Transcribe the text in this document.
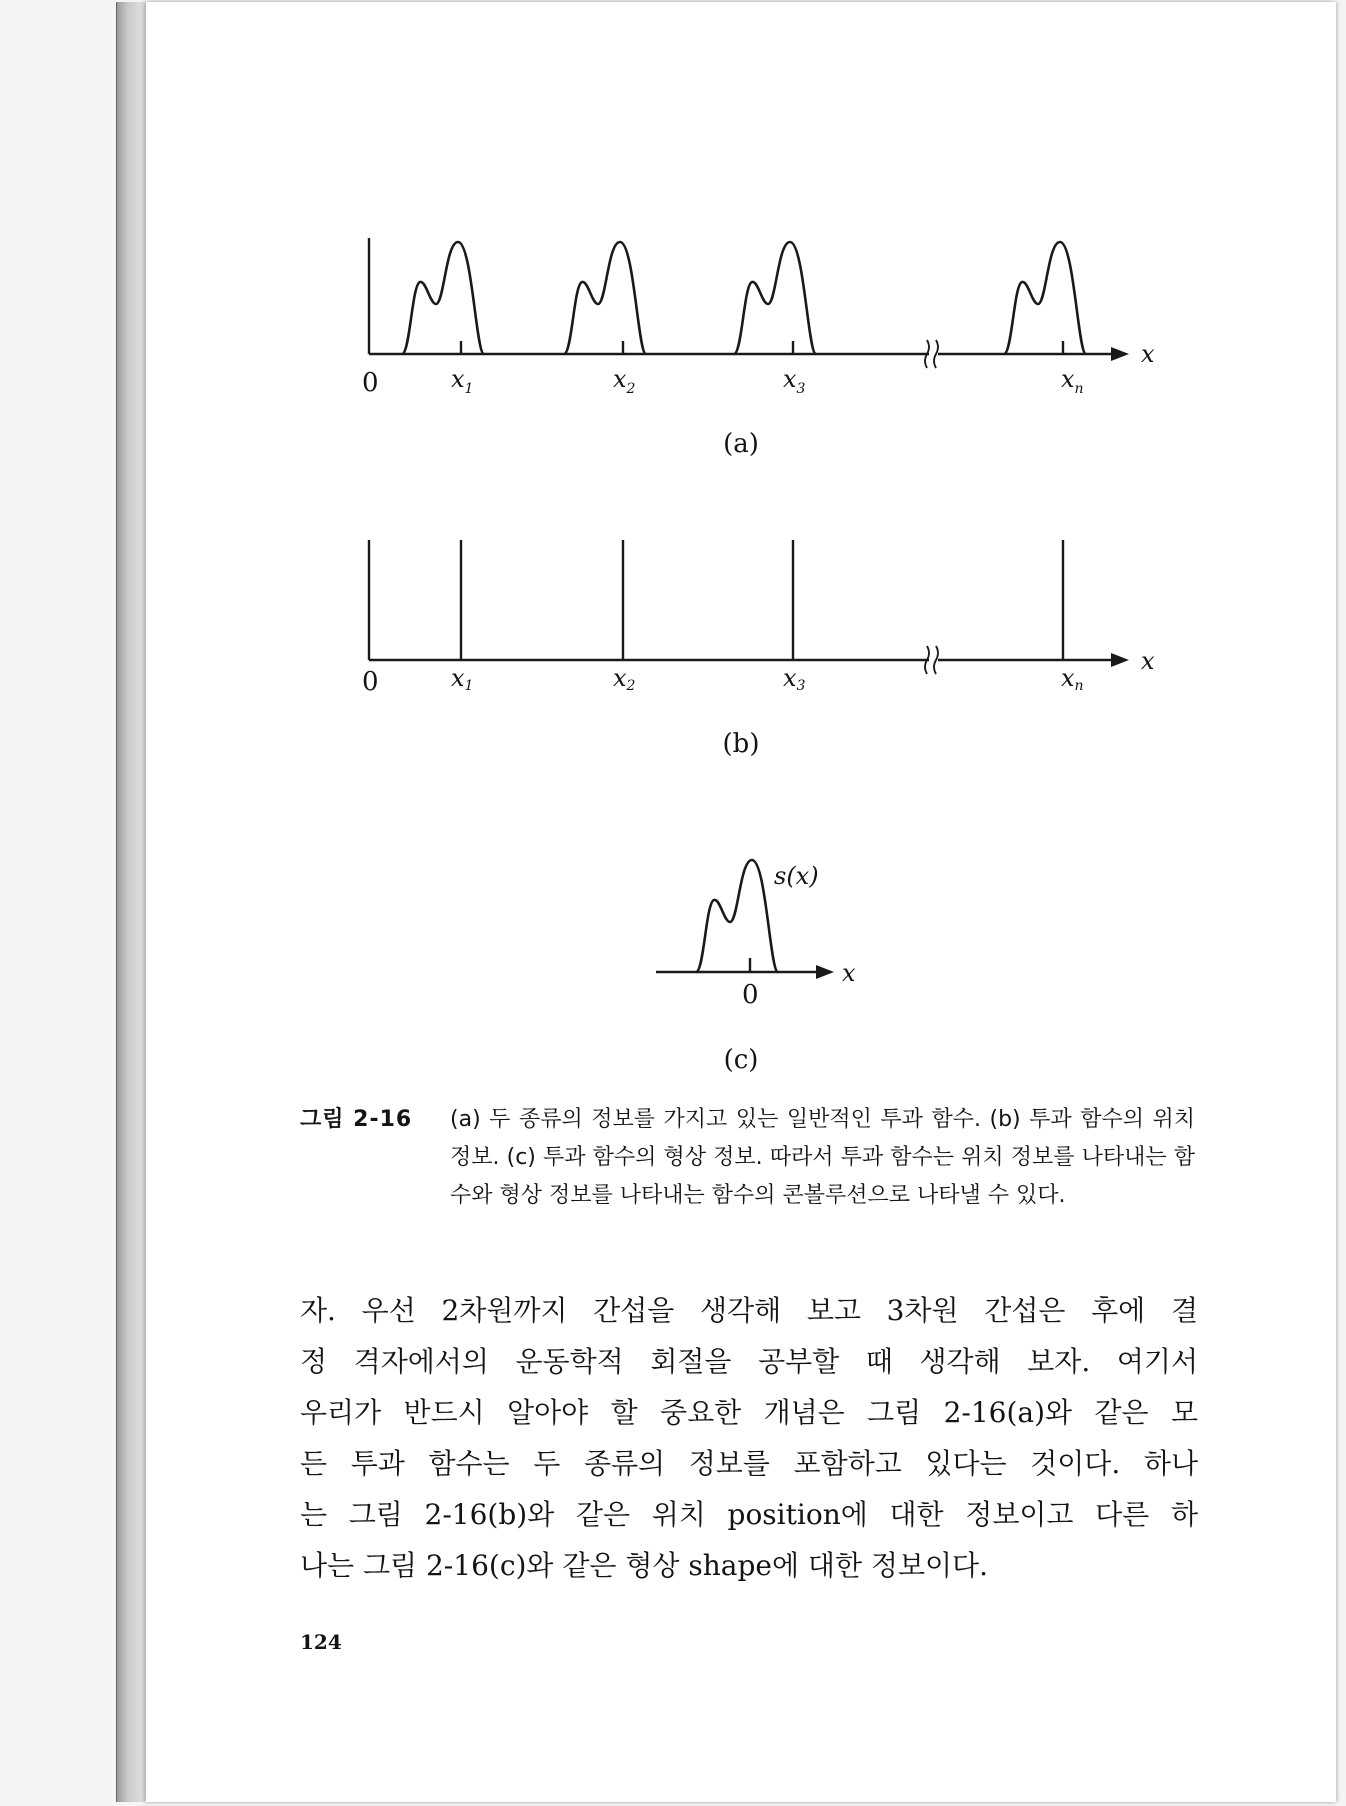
0
x
$x_1$	$x_2$	$x_3$	$x_n$
(a)
0
x
x1	x2	x3	xn
(b)
s(x)
0
x
(c)
그림 2-16 (a) 두 종류의 정보를 가지고 있는 일반적인 투과 함수. (b) 투과 함수의 위치 정보. (c) 투과 함수의 형상 정보. 따라서 투과 함수는 위치 정보를 나타내는 함수와 형상 정보를 나타내는 함수의 콘볼루션으로 나타낼 수 있다.
자. 우선 2차원까지 간섭을 생각해 보고 3차원 간섭은 후에 결
정 격자에서의 운동학적 회절을 공부할 때 생각해 보자. 여기서
우리가 반드시 알아야 할 중요한 개념은 그림 2-16(a)와 같은 모
든 투과 함수는 두 종류의 정보를 포함하고 있다는 것이다. 하나
는 그림 2-16(b)와 같은 위치 position에 대한 정보이고 다른 하
나는 그림 2-16(c)와 같은 형상 shape에 대한 정보이다.
124
